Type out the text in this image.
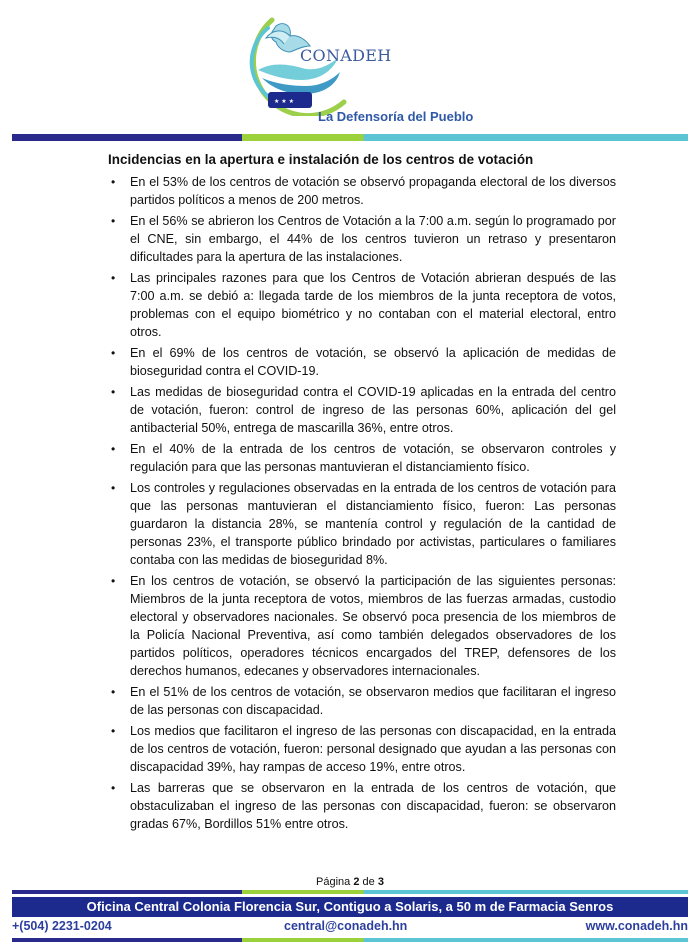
★ ★ ★
CONADEH
La Defensoría del Pueblo
Incidencias en la apertura e instalación de los centros de votación
• En el 53% de los centros de votación se observó propaganda electoral de los diversos partidos políticos a menos de 200 metros.
• En el 56% se abrieron los Centros de Votación a la 7:00 a.m. según lo programado por el CNE, sin embargo, el 44% de los centros tuvieron un retraso y presentaron dificultades para la apertura de las instalaciones.
• Las principales razones para que los Centros de Votación abrieran después de las 7:00 a.m. se debió a: llegada tarde de los miembros de la junta receptora de votos, problemas con el equipo biométrico y no contaban con el material electoral, entro otros.
• En el 69% de los centros de votación, se observó la aplicación de medidas de bioseguridad contra el COVID-19.
• Las medidas de bioseguridad contra el COVID-19 aplicadas en la entrada del centro de votación, fueron: control de ingreso de las personas 60%, aplicación del gel antibacterial 50%, entrega de mascarilla 36%, entre otros.
• En el 40% de la entrada de los centros de votación, se observaron controles y regulación para que las personas mantuvieran el distanciamiento físico.
• Los controles y regulaciones observadas en la entrada de los centros de votación para que las personas mantuvieran el distanciamiento físico, fueron: Las personas guardaron la distancia 28%, se mantenía control y regulación de la cantidad de personas 23%, el transporte público brindado por activistas, particulares o familiares contaba con las medidas de bioseguridad 8%.
• En los centros de votación, se observó la participación de las siguientes personas: Miembros de la junta receptora de votos, miembros de las fuerzas armadas, custodio electoral y observadores nacionales. Se observó poca presencia de los miembros de la Policía Nacional Preventiva, así como también delegados observadores de los partidos políticos, operadores técnicos encargados del TREP, defensores de los derechos humanos, edecanes y observadores internacionales.
• En el 51% de los centros de votación, se observaron medios que facilitaran el ingreso de las personas con discapacidad.
• Los medios que facilitaron el ingreso de las personas con discapacidad, en la entrada de los centros de votación, fueron: personal designado que ayudan a las personas con discapacidad 39%, hay rampas de acceso 19%, entre otros.
• Las barreras que se observaron en la entrada de los centros de votación, que obstaculizaban el ingreso de las personas con discapacidad, fueron: se observaron gradas 67%, Bordillos 51% entre otros.
Página 2 de 3
Oficina Central Colonia Florencia Sur, Contiguo a Solaris, a 50 m de Farmacia Senros
+(504) 2231-0204	central@conadeh.hn	www.conadeh.hn
